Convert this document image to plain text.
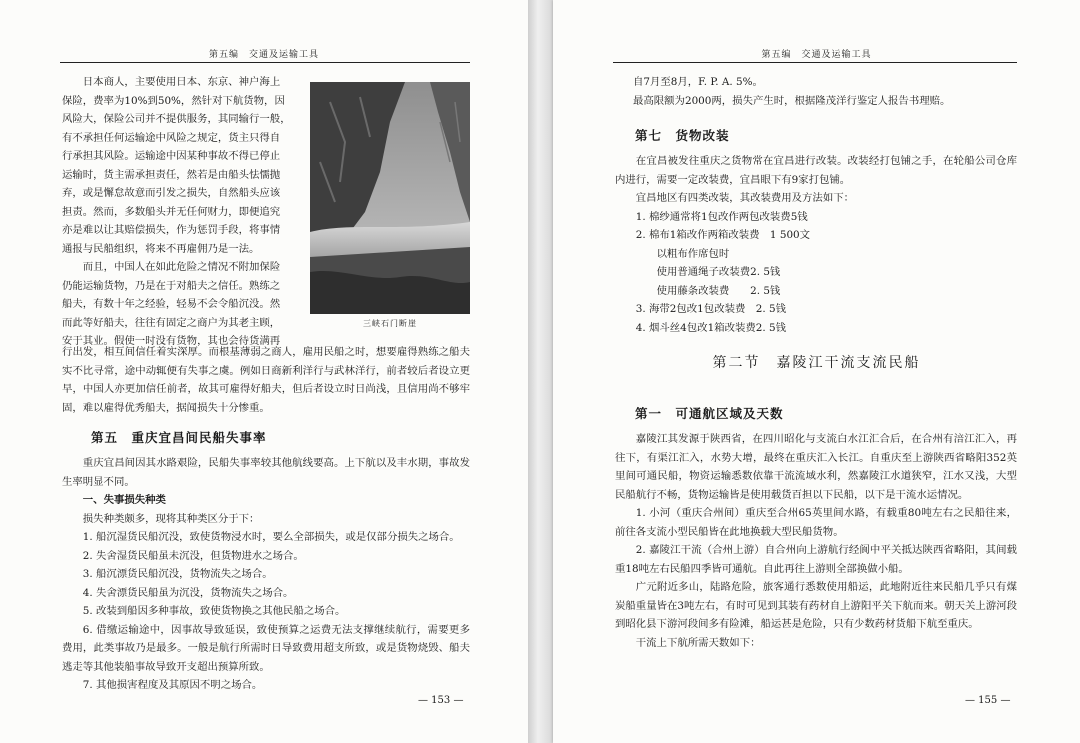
第五编　交通及运输工具

日本商人，主要使用日本、东京、神户海上

保险，费率为10%到50%，然针对下航货物，因

风险大，保险公司并不提供服务，其同输行一般，

有不承担任何运输途中风险之规定，货主只得自

行承担其风险。运输途中因某种事故不得已停止

运输时，货主需承担责任，然若是由船头怯懦抛

弃，或是懈怠故意而引发之损失，自然船头应该

担责。然而，多数船头并无任何财力，即便追究

亦是难以让其赔偿损失，作为惩罚手段，将事情

通报与民船组织，将来不再雇佣乃是一法。

而且，中国人在如此危险之情况不附加保险

仍能运输货物，乃是在于对船夫之信任。熟练之

船夫，有数十年之经验，轻易不会令船沉没。然

而此等好船夫，往往有固定之商户为其老主顾，

安于其业。假使一时没有货物，其也会待货满再

三峡石门断崖

行出发，相互间信任着实深厚。而根基薄弱之商人，雇用民船之时，想要雇得熟练之船夫实不比寻常，途中动辄便有失事之虞。例如日商新利洋行与武林洋行，前者较后者设立更早，中国人亦更加信任前者，故其可雇得好船夫，但后者设立时日尚浅，且信用尚不够牢固，难以雇得优秀船夫，据闻损失十分惨重。

第五　重庆宜昌间民船失事率

重庆宜昌间因其水路艰险，民船失事率较其他航线要高。上下航以及丰水期，事故发生率明显不同。

一、失事损失种类

损失种类颇多，现将其种类区分于下：

1. 船沉湿货民船沉没，致使货物浸水时，要么全部损失，或是仅部分损失之场合。

2. 失舍湿货民船虽未沉没，但货物进水之场合。

3. 船沉漂货民船沉没，货物流失之场合。

4. 失舍漂货民船虽为沉没，货物流失之场合。

5. 改装到船因多种事故，致使货物换之其他民船之场合。

6. 借缴运输途中，因事故导致延误，致使预算之运费无法支撑继续航行，需要更多费用，此类事故乃是最多。一般是航行所需时日导致费用超支所致，或是货物烧毁、船夫逃走等其他装船事故导致开支超出预算所致。

7. 其他损害程度及其原因不明之场合。

— 153 —
第五编　交通及运输工具

自7月至8月，F. P. A. 5%。

最高限额为2000两，损失产生时，根据隆茂洋行鉴定人报告书理赔。

第七　货物改装

在宜昌被发往重庆之货物常在宜昌进行改装。改装经打包铺之手，在轮船公司仓库内进行，需要一定改装费，宜昌眼下有9家打包铺。

宜昌地区有四类改装，其改装费用及方法如下：

1. 棉纱通常将1包改作两包改装费5钱

2. 棉布1箱改作两箱改装费　1 500文

以粗布作席包时

使用普通绳子改装费2. 5钱

使用藤条改装费　　2. 5钱

3. 海带2包改1包改装费　2. 5钱

4. 烟斗丝4包改1箱改装费2. 5钱

第二节　嘉陵江干流支流民船
第一　可通航区域及天数

嘉陵江其发源于陕西省，在四川昭化与支流白水江汇合后，在合州有涪江汇入，再往下，有渠江汇入，水势大增，最终在重庆汇入长江。自重庆至上游陕西省略阳352英里间可通民船，物资运输悉数依靠干流流域水利，然嘉陵江水道狭窄，江水又浅，大型民船航行不畅，货物运输皆是使用载货百担以下民船，以下是干流水运情况。

1. 小河（重庆合州间）重庆至合州65英里间水路，有载重80吨左右之民船往来，前往各支流小型民船皆在此地换载大型民船货物。

2. 嘉陵江干流（合州上游）自合州向上游航行经阆中平关抵达陕西省略阳，其间载重18吨左右民船四季皆可通航。自此再往上游则全部换做小船。

广元附近多山，陆路危险，旅客通行悉数使用船运，此地附近往来民船几乎只有煤炭船重量皆在3吨左右，有时可见到其装有药材自上游阳平关下航而来。朝天关上游河段到昭化县下游河段间多有险滩，船运甚是危险，只有少数药材货船下航至重庆。

干流上下航所需天数如下：

— 155 —
